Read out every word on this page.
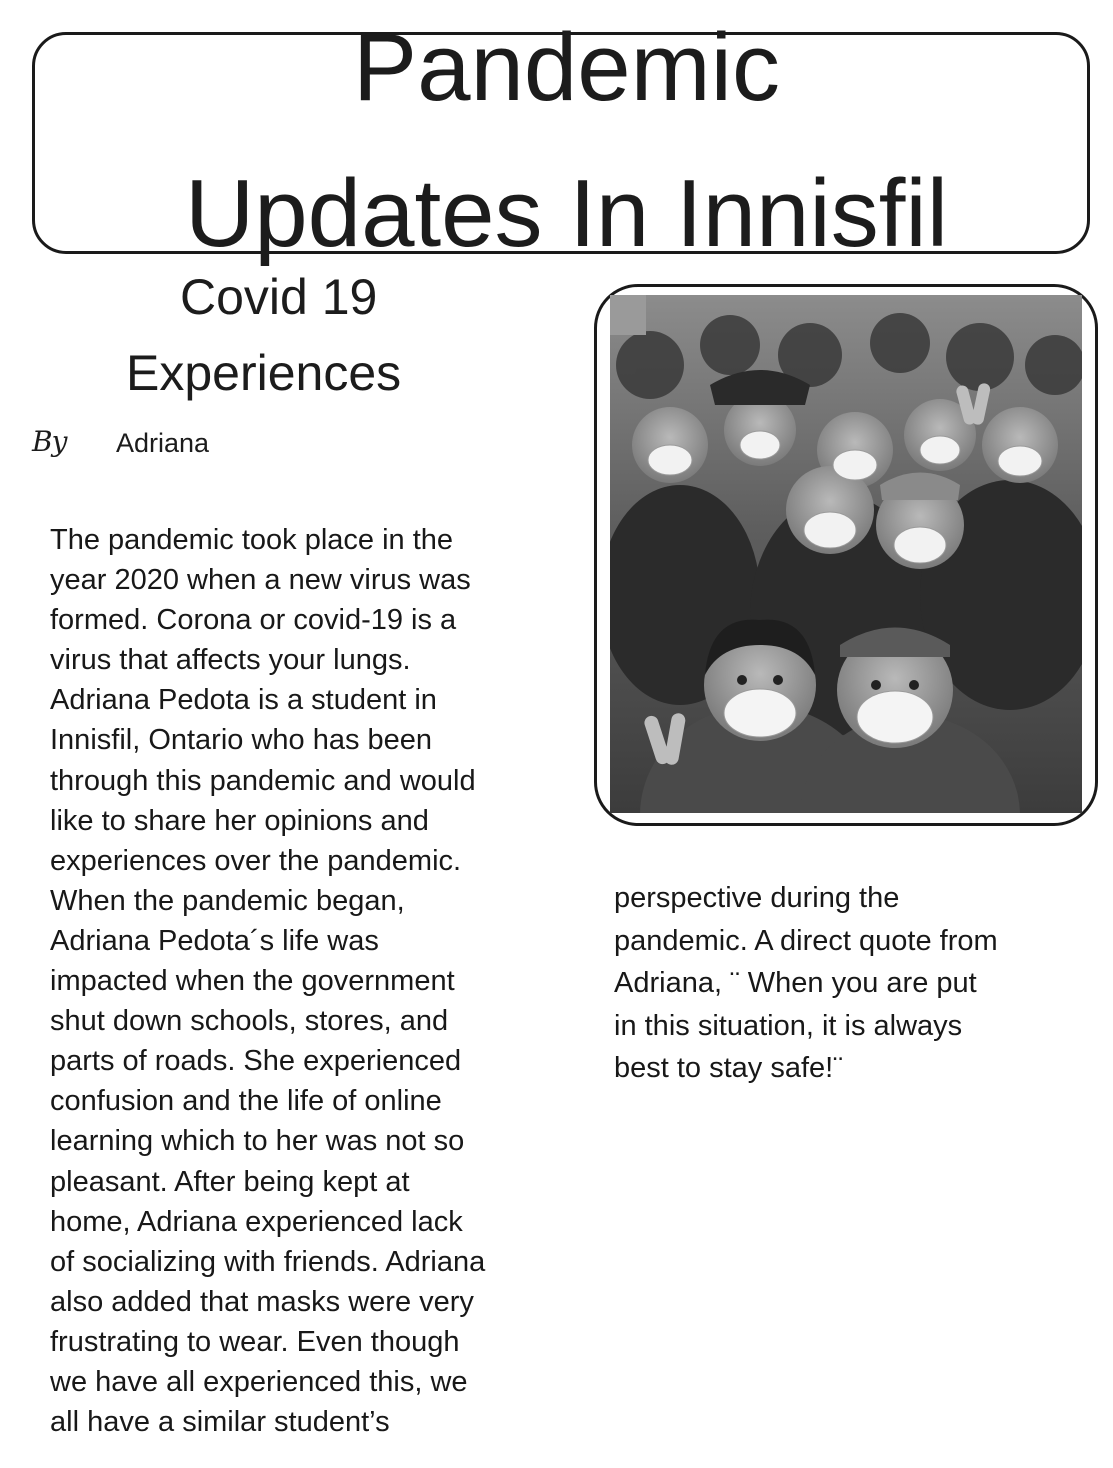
Pandemic
Updates In Innisfil
Covid 19
Experiences
By Adriana
The pandemic took place in the
year 2020 when a new virus was
formed. Corona or covid-19 is a
virus that affects your lungs.
Adriana Pedota is a student in
Innisfil, Ontario who has been
through this pandemic and would
like to share her opinions and
experiences over the pandemic.
When the pandemic began,
Adriana Pedota´s life was
impacted when the government
shut down schools, stores, and
parts of roads. She experienced
confusion and the life of online
learning which to her was not so
pleasant. After being kept at
home, Adriana experienced lack
of socializing with friends. Adriana
also added that masks were very
frustrating to wear. Even though
we have all experienced this, we
all have a similar student’s
perspective during the
pandemic. A direct quote from
Adriana, ¨ When you are put
in this situation, it is always
best to stay safe!¨
